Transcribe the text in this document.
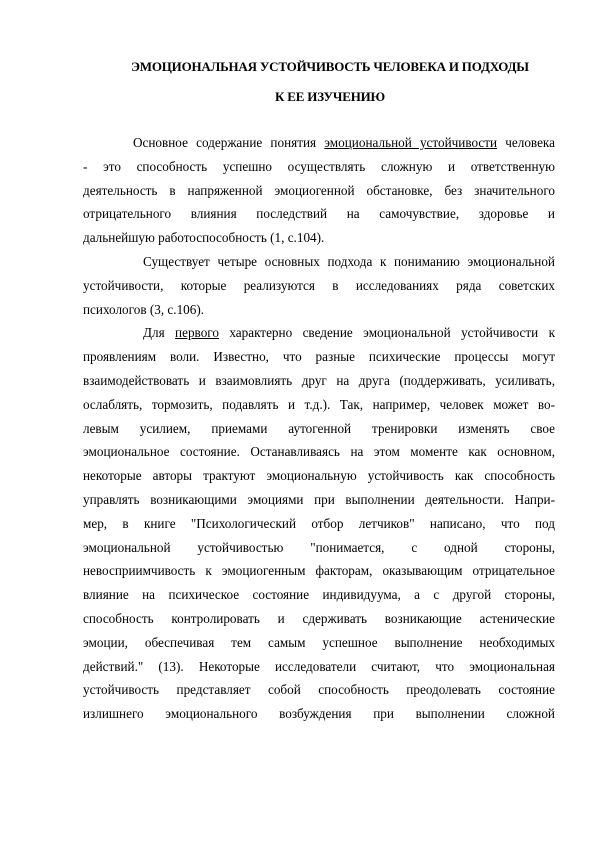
ЭМОЦИОНАЛЬНАЯ УСТОЙЧИВОСТЬ ЧЕЛОВЕКА И ПОДХОДЫ
К ЕЕ ИЗУЧЕНИЮ
Основное содержание понятия эмоциональной устойчивости человека
- это способность успешно осуществлять сложную и ответственную
деятельность в напряженной эмоциогенной обстановке, без значительного
отрицательного влияния последствий на самочувствие, здоровье и
дальнейшую работоспособность (1, с.104).
Существует четыре основных подхода к пониманию эмоциональной
устойчивости, которые реализуются в исследованиях ряда советских
психологов (3, с.106).
Для первого характерно сведение эмоциональной устойчивости к
проявлениям воли. Известно, что разные психические процессы могут
взаимодействовать и взаимовлиять друг на друга (поддерживать, усиливать,
ослаблять, тормозить, подавлять и т.д.). Так, например, человек может во-
левым усилием, приемами аутогенной тренировки изменять свое
эмоциональное состояние. Останавливаясь на этом моменте как основном,
некоторые авторы трактуют эмоциональную устойчивость как способность
управлять возникающими эмоциями при выполнении деятельности. Напри-
мер, в книге "Психологический отбор летчиков" написано, что под
эмоциональной устойчивостью "понимается, с одной стороны,
невосприимчивость к эмоциогенным факторам, оказывающим отрицательное
влияние на психическое состояние индивидуума, а с другой стороны,
способность контролировать и сдерживать возникающие астенические
эмоции, обеспечивая тем самым успешное выполнение необходимых
действий." (13). Некоторые исследователи считают, что эмоциональная
устойчивость представляет собой способность преодолевать состояние
излишнего эмоционального возбуждения при выполнении сложной
